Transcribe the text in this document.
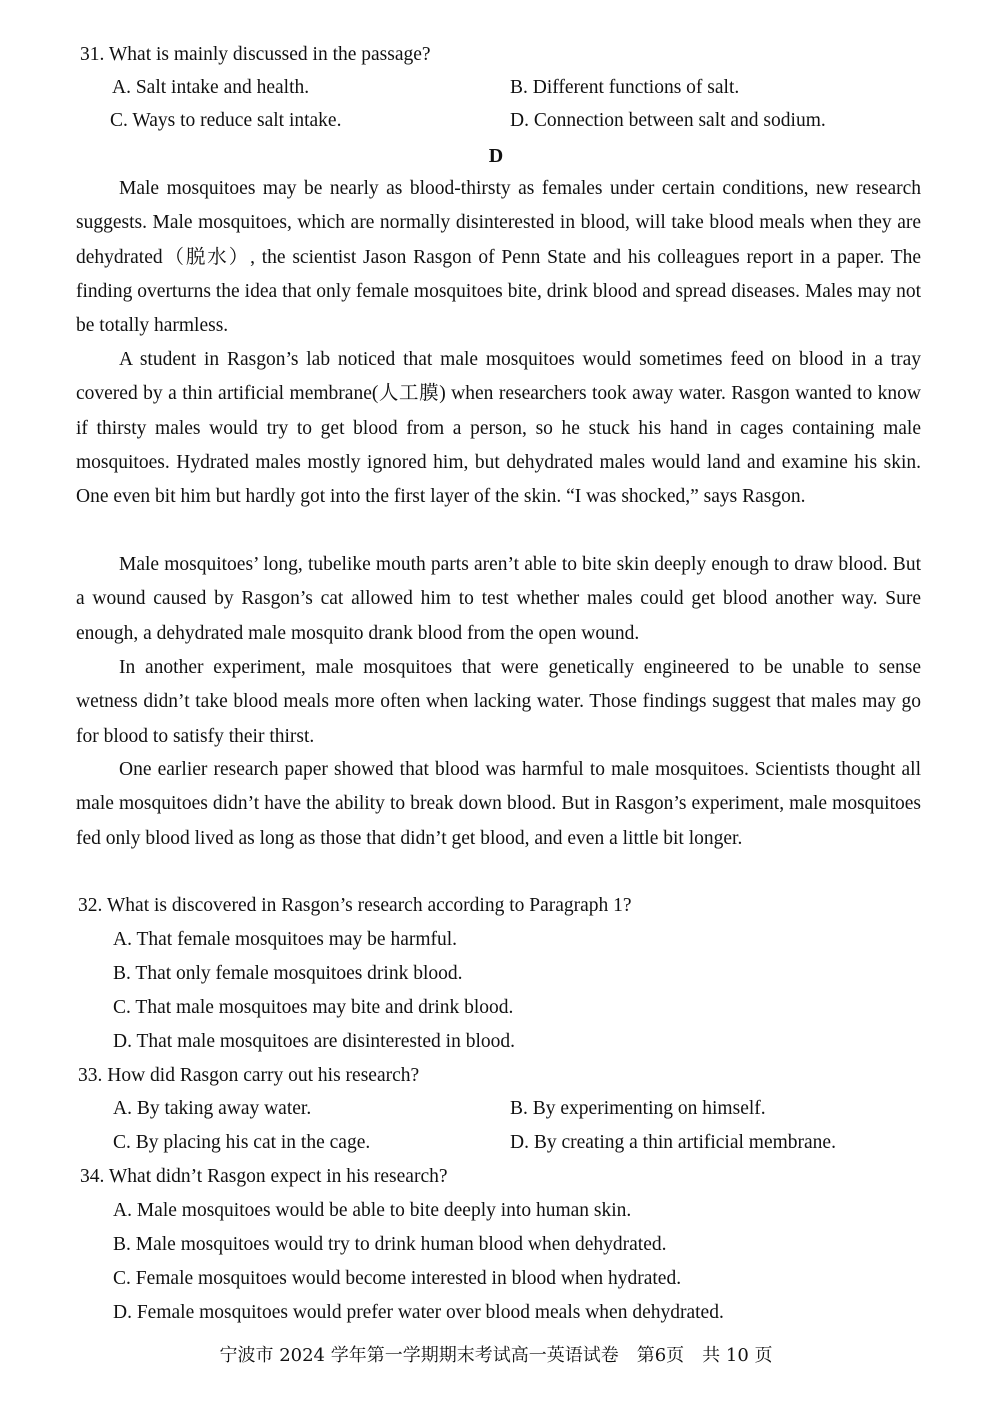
31. What is mainly discussed in the passage?
A. Salt intake and health.	B. Different functions of salt.
C. Ways to reduce salt intake.	D. Connection between salt and sodium.
D
Male mosquitoes may be nearly as blood-thirsty as females under certain conditions, new research suggests. Male mosquitoes, which are normally disinterested in blood, will take blood meals when they are dehydrated（脱水）, the scientist Jason Rasgon of Penn State and his colleagues report in a paper. The finding overturns the idea that only female mosquitoes bite, drink blood and spread diseases. Males may not be totally harmless.
A student in Rasgon’s lab noticed that male mosquitoes would sometimes feed on blood in a tray covered by a thin artificial membrane(人工膜) when researchers took away water. Rasgon wanted to know if thirsty males would try to get blood from a person, so he stuck his hand in cages containing male mosquitoes. Hydrated males mostly ignored him, but dehydrated males would land and examine his skin. One even bit him but hardly got into the first layer of the skin. “I was shocked,” says Rasgon.
Male mosquitoes’ long, tubelike mouth parts aren’t able to bite skin deeply enough to draw blood. But a wound caused by Rasgon’s cat allowed him to test whether males could get blood another way. Sure enough, a dehydrated male mosquito drank blood from the open wound.
In another experiment, male mosquitoes that were genetically engineered to be unable to sense wetness didn’t take blood meals more often when lacking water. Those findings suggest that males may go for blood to satisfy their thirst.
One earlier research paper showed that blood was harmful to male mosquitoes. Scientists thought all male mosquitoes didn’t have the ability to break down blood. But in Rasgon’s experiment, male mosquitoes fed only blood lived as long as those that didn’t get blood, and even a little bit longer.
32. What is discovered in Rasgon’s research according to Paragraph 1?
A. That female mosquitoes may be harmful.
B. That only female mosquitoes drink blood.
C. That male mosquitoes may bite and drink blood.
D. That male mosquitoes are disinterested in blood.
33. How did Rasgon carry out his research?
A. By taking away water.	B. By experimenting on himself.
C. By placing his cat in the cage.	D. By creating a thin artificial membrane.
34. What didn’t Rasgon expect in his research?
A. Male mosquitoes would be able to bite deeply into human skin.
B. Male mosquitoes would try to drink human blood when dehydrated.
C. Female mosquitoes would become interested in blood when hydrated.
D. Female mosquitoes would prefer water over blood meals when dehydrated.
宁波市 2024 学年第一学期期末考试高一英语试卷　第6页　共 10 页
